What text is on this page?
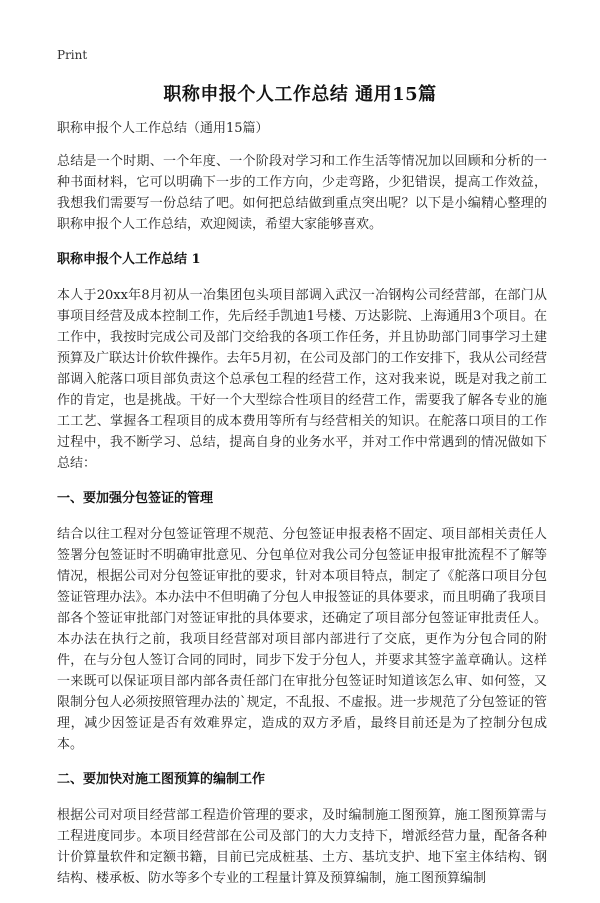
Print
职称申报个人工作总结 通用15篇
职称申报个人工作总结（通用15篇）

总结是一个时期、一个年度、一个阶段对学习和工作生活等情况加以回顾和分析的一种书面材料，它可以明确下一步的工作方向，少走弯路，少犯错误，提高工作效益，我想我们需要写一份总结了吧。如何把总结做到重点突出呢？以下是小编精心整理的职称申报个人工作总结，欢迎阅读，希望大家能够喜欢。

职称申报个人工作总结 1

本人于20xx年8月初从一冶集团包头项目部调入武汉一冶钢构公司经营部，在部门从事项目经营及成本控制工作，先后经手凯迪1号楼、万达影院、上海通用3个项目。在工作中，我按时完成公司及部门交给我的各项工作任务，并且协助部门同事学习土建预算及广联达计价软件操作。去年5月初，在公司及部门的工作安排下，我从公司经营部调入舵落口项目部负责这个总承包工程的经营工作，这对我来说，既是对我之前工作的肯定，也是挑战。干好一个大型综合性项目的经营工作，需要我了解各专业的施工工艺、掌握各工程项目的成本费用等所有与经营相关的知识。在舵落口项目的工作过程中，我不断学习、总结，提高自身的业务水平，并对工作中常遇到的情况做如下总结：

一、要加强分包签证的管理

结合以往工程对分包签证管理不规范、分包签证申报表格不固定、项目部相关责任人签署分包签证时不明确审批意见、分包单位对我公司分包签证申报审批流程不了解等情况，根据公司对分包签证审批的要求，针对本项目特点，制定了《舵落口项目分包签证管理办法》。本办法中不但明确了分包人申报签证的具体要求，而且明确了我项目部各个签证审批部门对签证审批的具体要求，还确定了项目部分包签证审批责任人。本办法在执行之前，我项目经营部对项目部内部进行了交底，更作为分包合同的附件，在与分包人签订合同的同时，同步下发于分包人，并要求其签字盖章确认。这样一来既可以保证项目部内部各责任部门在审批分包签证时知道该怎么审、如何签，又限制分包人必须按照管理办法的`规定，不乱报、不虚报。进一步规范了分包签证的管理，减少因签证是否有效难界定，造成的双方矛盾，最终目前还是为了控制分包成本。

二、要加快对施工图预算的编制工作

根据公司对项目经营部工程造价管理的要求，及时编制施工图预算，施工图预算需与工程进度同步。本项目经营部在公司及部门的大力支持下，增派经营力量，配备各种计价算量软件和定额书籍，目前已完成桩基、土方、基坑支护、地下室主体结构、钢结构、楼承板、防水等多个专业的工程量计算及预算编制，施工图预算编制
